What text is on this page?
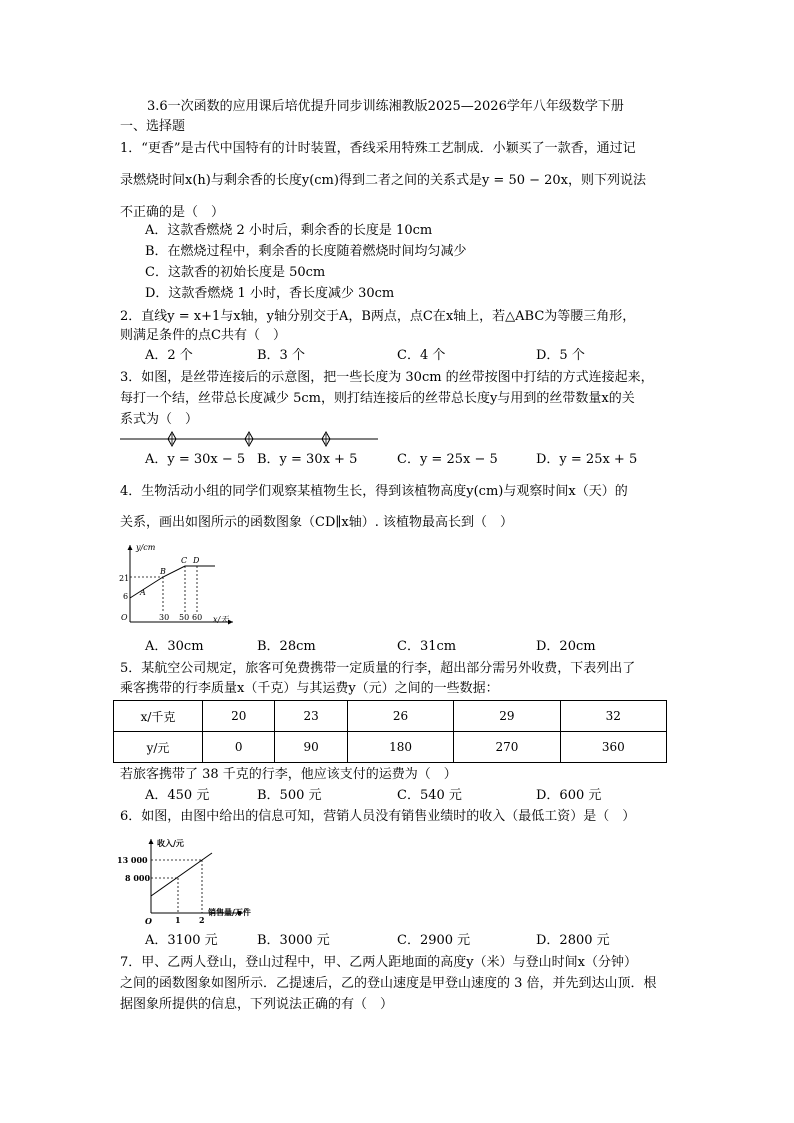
3.6一次函数的应用课后培优提升同步训练湘教版2025—2026学年八年级数学下册
一、选择题
1．“更香”是古代中国特有的计时装置，香线采用特殊工艺制成．小颖买了一款香，通过记
录燃烧时间x(h)与剩余香的长度y(cm)得到二者之间的关系式是y = 50 − 20x，则下列说法
不正确的是（　）
A．这款香燃烧 2 小时后，剩余香的长度是 10cm
B．在燃烧过程中，剩余香的长度随着燃烧时间均匀减少
C．这款香的初始长度是 50cm
D．这款香燃烧 1 小时，香长度减少 30cm
2．直线y = x+1与x轴，y轴分别交于A，B两点，点C在x轴上，若△ABC为等腰三角形，
则满足条件的点C共有（　）
A．2 个	B．3 个	C．4 个	D．5 个
3．如图，是丝带连接后的示意图，把一些长度为 30cm 的丝带按图中打结的方式连接起来，
每打一个结，丝带总长度减少 5cm，则打结连接后的丝带总长度y与用到的丝带数量x的关
系式为（　）
A．y = 30x − 5 B．y = 30x + 5	C．y = 25x − 5	D．y = 25x + 5
4．生物活动小组的同学们观察某植物生长，得到该植物高度y(cm)与观察时间x（天）的
关系，画出如图所示的函数图象（CD∥x轴）. 该植物最高长到（　）
y/cm
x/天
O
21
6
30 50 60
A
B
C D
A．30cm	B．28cm	C．31cm	D．20cm
5．某航空公司规定，旅客可免费携带一定质量的行李，超出部分需另外收费，下表列出了
乘客携带的行李质量x（千克）与其运费y（元）之间的一些数据：
x/千克	20	23	26	29	32
y/元	0	90	180	270	360
若旅客携带了 38 千克的行李，他应该支付的运费为（　）
A．450 元	B．500 元	C．540 元	D．600 元
6．如图，由图中给出的信息可知，营销人员没有销售业绩时的收入（最低工资）是（　）
收入/元
销售量/万件
O
13 000
8 000
1 2
A．3100 元	B．3000 元	C．2900 元	D．2800 元
7．甲、乙两人登山，登山过程中，甲、乙两人距地面的高度y（米）与登山时间x（分钟）
之间的函数图象如图所示．乙提速后，乙的登山速度是甲登山速度的 3 倍，并先到达山顶．根
据图象所提供的信息，下列说法正确的有（　）
